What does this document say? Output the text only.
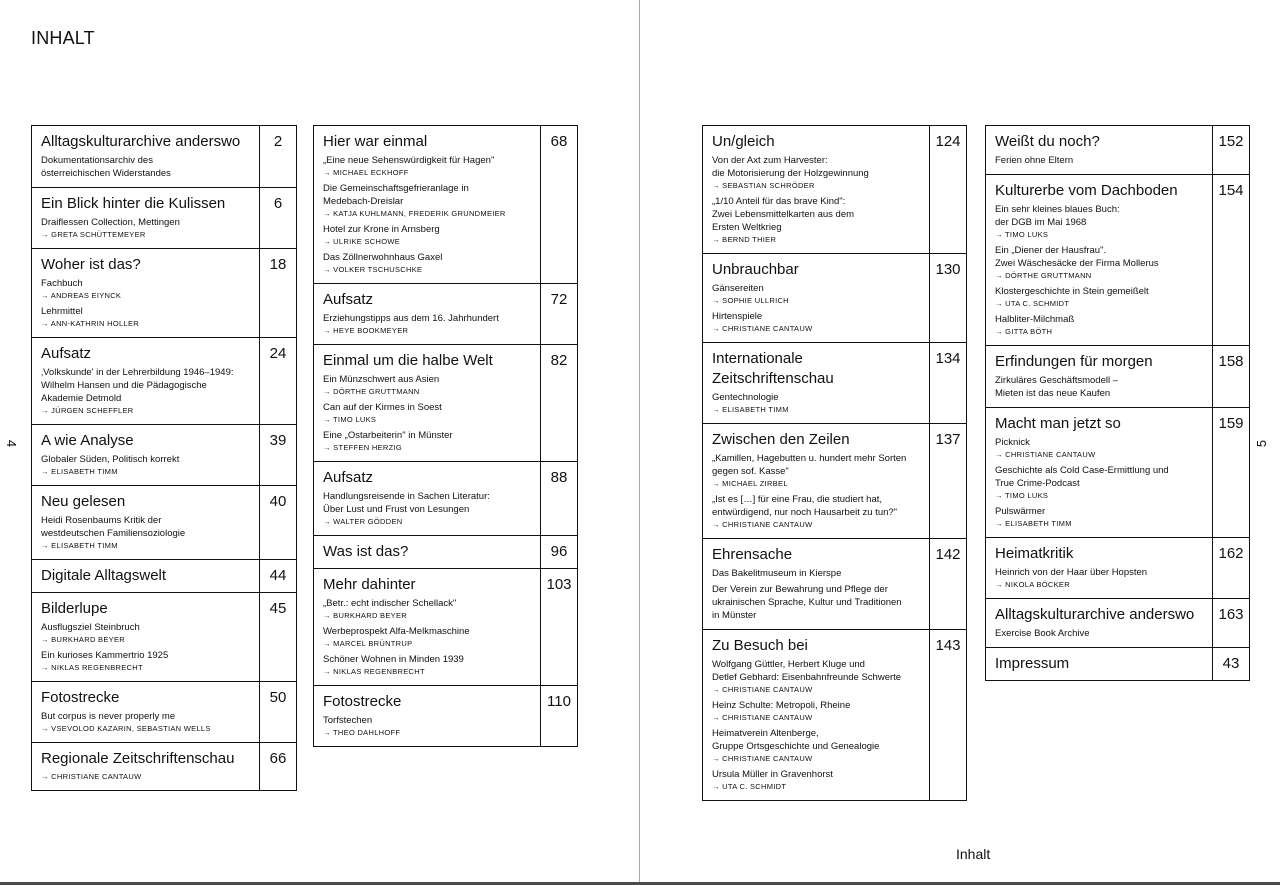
INHALT
Alltagskulturarchive anderswo
Dokumentationsarchiv des
österreichischen Widerstandes
2
Ein Blick hinter die Kulissen
Draiflessen Collection, Mettingen
→ GRETA SCHÜTTEMEYER
6
Woher ist das?
Fachbuch
→ ANDREAS EIYNCK
Lehrmittel
→ ANN-KATHRIN HOLLER
18
Aufsatz
‚Volkskunde' in der Lehrerbildung 1946–1949:
Wilhelm Hansen und die Pädagogische
Akademie Detmold
→ JÜRGEN SCHEFFLER
24
A wie Analyse
Globaler Süden, Politisch korrekt
→ ELISABETH TIMM
39
Neu gelesen
Heidi Rosenbaums Kritik der
westdeutschen Familiensoziologie
→ ELISABETH TIMM
40
Digitale Alltagswelt	44
Bilderlupe
Ausflugsziel Steinbruch
→ BURKHARD BEYER
Ein kurioses Kammertrio 1925
→ NIKLAS REGENBRECHT
45
Fotostrecke
But corpus is never properly me
→ VSEVOLOD KAZARIN, SEBASTIAN WELLS
50
Regionale Zeitschriftenschau
→ CHRISTIANE CANTAUW
66
Hier war einmal
„Eine neue Sehenswürdigkeit für Hagen"
→ MICHAEL ECKHOFF
Die Gemeinschaftsgefrieranlage in
Medebach-Dreislar
→ KATJA KUHLMANN, FREDERIK GRUNDMEIER
Hotel zur Krone in Arnsberg
→ ULRIKE SCHOWE
Das Zöllnerwohnhaus Gaxel
→ VOLKER TSCHUSCHKE
68
Aufsatz
Erziehungstipps aus dem 16. Jahrhundert
→ HEYE BOOKMEYER
72
Einmal um die halbe Welt
Ein Münzschwert aus Asien
→ DÖRTHE GRUTTMANN
Can auf der Kirmes in Soest
→ TIMO LUKS
Eine „Ostarbeiterin" in Münster
→ STEFFEN HERZIG
82
Aufsatz
Handlungsreisende in Sachen Literatur:
Über Lust und Frust von Lesungen
→ WALTER GÖDDEN
88
Was ist das?	96
Mehr dahinter
„Betr.: echt indischer Schellack"
→ BURKHARD BEYER
Werbeprospekt Alfa-Melkmaschine
→ MARCEL BRÜNTRUP
Schöner Wohnen in Minden 1939
→ NIKLAS REGENBRECHT
103
Fotostrecke
Torfstechen
→ THEO DAHLHOFF
110
Un/gleich
Von der Axt zum Harvester:
die Motorisierung der Holzgewinnung
→ SEBASTIAN SCHRÖDER
„1/10 Anteil für das brave Kind":
Zwei Lebensmittelkarten aus dem
Ersten Weltkrieg
→ BERND THIER
124
Unbrauchbar
Gänsereiten
→ SOPHIE ULLRICH
Hirtenspiele
→ CHRISTIANE CANTAUW
130
Internationale
Zeitschriftenschau
Gentechnologie
→ ELISABETH TIMM
134
Zwischen den Zeilen
„Kamillen, Hagebutten u. hundert mehr Sorten
gegen sof. Kasse"
→ MICHAEL ZIRBEL
„Ist es […] für eine Frau, die studiert hat,
entwürdigend, nur noch Hausarbeit zu tun?"
→ CHRISTIANE CANTAUW
137
Ehrensache
Das Bakelitmuseum in Kierspe
Der Verein zur Bewahrung und Pflege der
ukrainischen Sprache, Kultur und Traditionen
in Münster
142
Zu Besuch bei
Wolfgang Güttler, Herbert Kluge und
Detlef Gebhard: Eisenbahnfreunde Schwerte
→ CHRISTIANE CANTAUW
Heinz Schulte: Metropoli, Rheine
→ CHRISTIANE CANTAUW
Heimatverein Altenberge,
Gruppe Ortsgeschichte und Genealogie
→ CHRISTIANE CANTAUW
Ursula Müller in Gravenhorst
→ UTA C. SCHMIDT
143
Weißt du noch?
Ferien ohne Eltern
152
Kulturerbe vom Dachboden
Ein sehr kleines blaues Buch:
der DGB im Mai 1968
→ TIMO LUKS
Ein „Diener der Hausfrau".
Zwei Wäschesäcke der Firma Mollerus
→ DÖRTHE GRUTTMANN
Klostergeschichte in Stein gemeißelt
→ UTA C. SCHMIDT
Halbliter-Milchmaß
→ GITTA BÖTH
154
Erfindungen für morgen
Zirkuläres Geschäftsmodell –
Mieten ist das neue Kaufen
158
Macht man jetzt so
Picknick
→ CHRISTIANE CANTAUW
Geschichte als Cold Case-Ermittlung und
True Crime-Podcast
→ TIMO LUKS
Pulswärmer
→ ELISABETH TIMM
159
Heimatkritik
Heinrich von der Haar über Hopsten
→ NIKOLA BÖCKER
162
Alltagskulturarchive anderswo
Exercise Book Archive
163
Impressum	43
4	5
Inhalt
